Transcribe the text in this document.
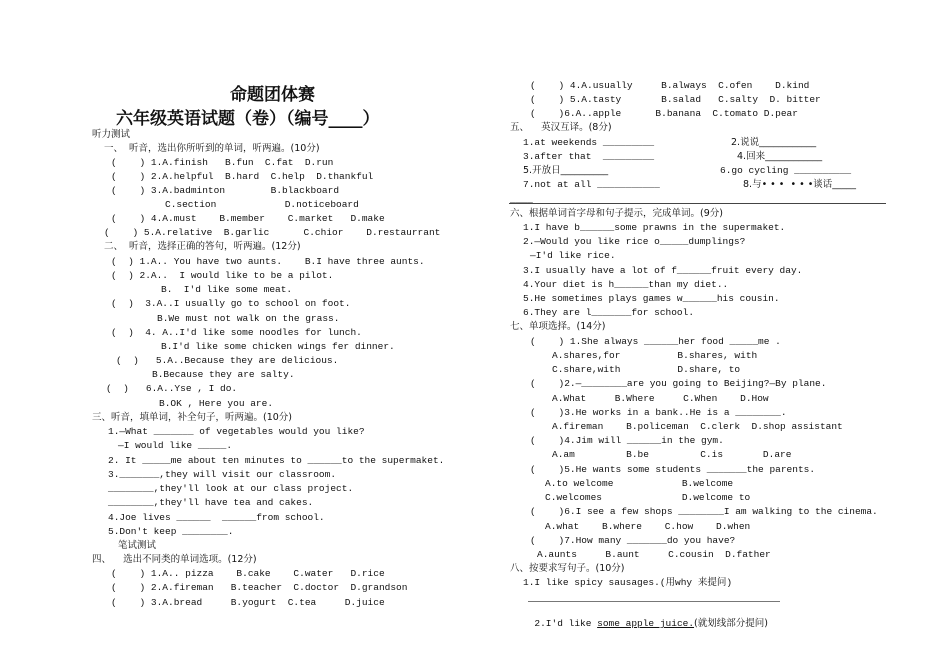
命题团体赛
六年级英语试题（卷）（编号____）
听力测试
一、  听音，选出你所听到的单词，听两遍。(10分)
(    ) 1.A.finish   B.fun  C.fat  D.run
(    ) 2.A.helpful  B.hard  C.help  D.thankful
(    ) 3.A.badminton        B.blackboard
C.section            D.noticeboard
(    ) 4.A.must    B.member    C.market   D.make
(    ) 5.A.relative  B.garlic      C.chior    D.restaurrant
二、  听音，选择正确的答句，听两遍。(12分)
(  ) 1.A.. You have two aunts.    B.I have three aunts.
(  ) 2.A..  I would like to be a pilot.
B.  I'd like some meat.
(  )  3.A..I usually go to school on foot.
B.We must not walk on the grass.
(  )  4. A..I'd like some noodles for lunch.
B.I'd like some chicken wings fer dinner.
(  )   5.A..Because they are delicious.
B.Because they are salty.
(  )   6.A..Yse , I do.
B.OK , Here you are.
三、听音，填单词，补全句子，听两遍。(10分)
1.—What _______ of vegetables would you like?
—I would like _____.
2. It _____me about ten minutes to ______to the supermaket.
3._______,they will visit our classroom.
________,they'll look at our class project.
________,they'll have tea and cakes.
4.Joe lives ______  ______from school.
5.Don't keep ________.
笔试测试
四、    选出不同类的单词选项。(12分)
(    ) 1.A.. pizza    B.cake    C.water   D.rice
(    ) 2.A.fireman   B.teacher  C.doctor  D.grandson
(    ) 3.A.bread     B.yogurt  C.tea     D.juice
(    ) 4.A.usually     B.always  C.ofen    D.kind
(    ) 5.A.tasty       B.salad   C.salty  D. bitter
(    )6.A..apple      B.banana  C.tomato D.pear
五、    英汉互译。(8分)
1.at weekends _________	2.说说____________
3.after that  _________	4.回来____________
5.开放日__________	6.go cycling __________
7.not at all ___________	8.与• • •  • • •谈话_____
____
六、根据单词首字母和句子提示，完成单词。(9分)
1.I have b______some prawns in the supermaket.
2.—Would you like rice o_____dumplings?
—I'd like rice.
3.I usually have a lot of f______fruit every day.
4.Your diet is h______than my diet..
5.He sometimes plays games w______his cousin.
6.They are l_______for school.
七、单项选择。(14分)
(    ) 1.She always ______her food _____me .
A.shares,for          B.shares, with
C.share,with          D.share, to
(    )2.—________are you going to Beijing?—By plane.
A.What     B.Where     C.When    D.How
(    )3.He works in a bank..He is a ________.
A.fireman    B.policeman  C.clerk  D.shop assistant
(    )4.Jim will ______in the gym.
A.am         B.be         C.is       D.are
(    )5.He wants some students _______the parents.
A.to welcome            B.welcome
C.welcomes              D.welcome to
(    )6.I see a few shops ________I am walking to the cinema.
A.what    B.where    C.how    D.when
(    )7.How many _______do you have?
A.aunts     B.aunt     C.cousin  D.father
八、按要求写句子。(10分)
1.I like spicy sausages.(用why 来提问)

2.I'd like some apple juice.(就划线部分提问)
